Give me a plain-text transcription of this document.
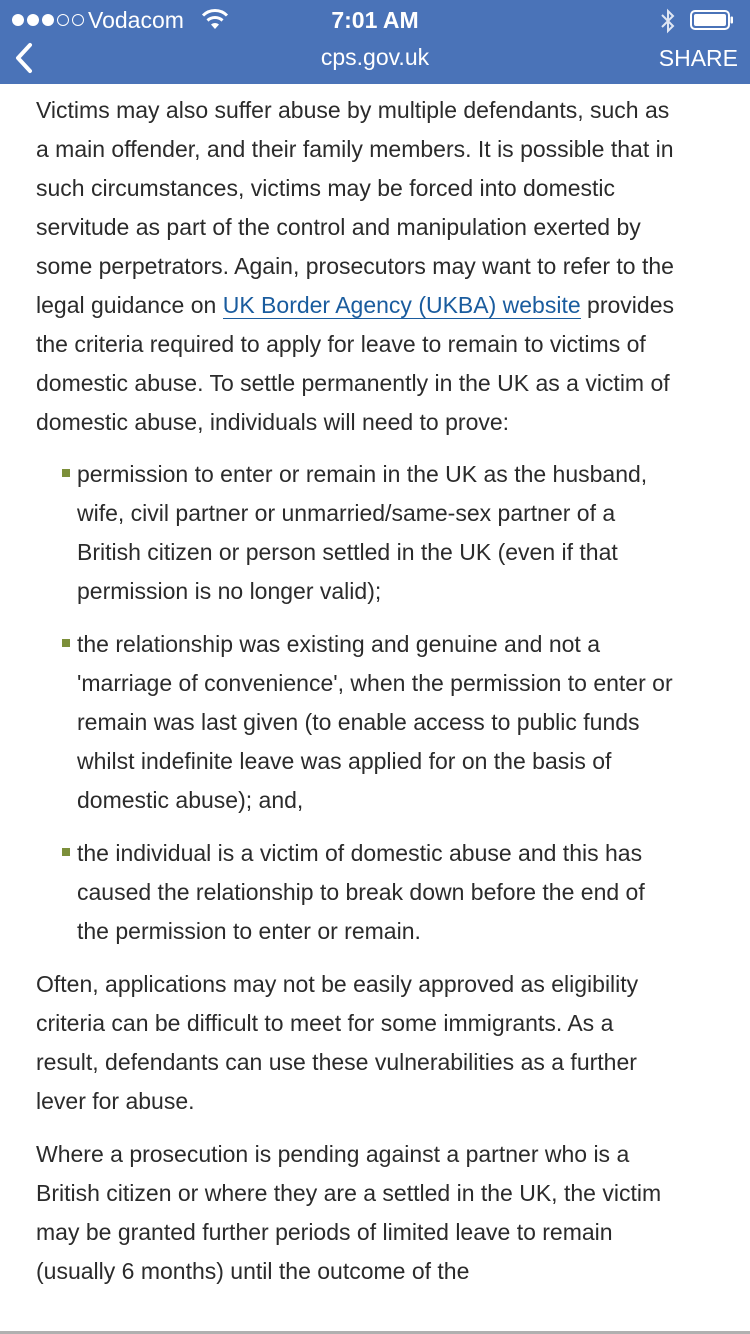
Vodacom	7:01 AM
cps.gov.uk	SHARE

Victims may also suffer abuse by multiple defendants, such as a main offender, and their family members. It is possible that in such circumstances, victims may be forced into domestic servitude as part of the control and manipulation exerted by some perpetrators. Again, prosecutors may want to refer to the legal guidance on UK Border Agency (UKBA) website provides the criteria required to apply for leave to remain to victims of domestic abuse. To settle permanently in the UK as a victim of domestic abuse, individuals will need to prove:

permission to enter or remain in the UK as the husband, wife, civil partner or unmarried/same-sex partner of a British citizen or person settled in the UK (even if that permission is no longer valid);
the relationship was existing and genuine and not a 'marriage of convenience', when the permission to enter or remain was last given (to enable access to public funds whilst indefinite leave was applied for on the basis of domestic abuse); and,
the individual is a victim of domestic abuse and this has caused the relationship to break down before the end of the permission to enter or remain.

Often, applications may not be easily approved as eligibility criteria can be difficult to meet for some immigrants. As a result, defendants can use these vulnerabilities as a further lever for abuse.

Where a prosecution is pending against a partner who is a British citizen or where they are a settled in the UK, the victim may be granted further periods of limited leave to remain (usually 6 months) until the outcome of the
